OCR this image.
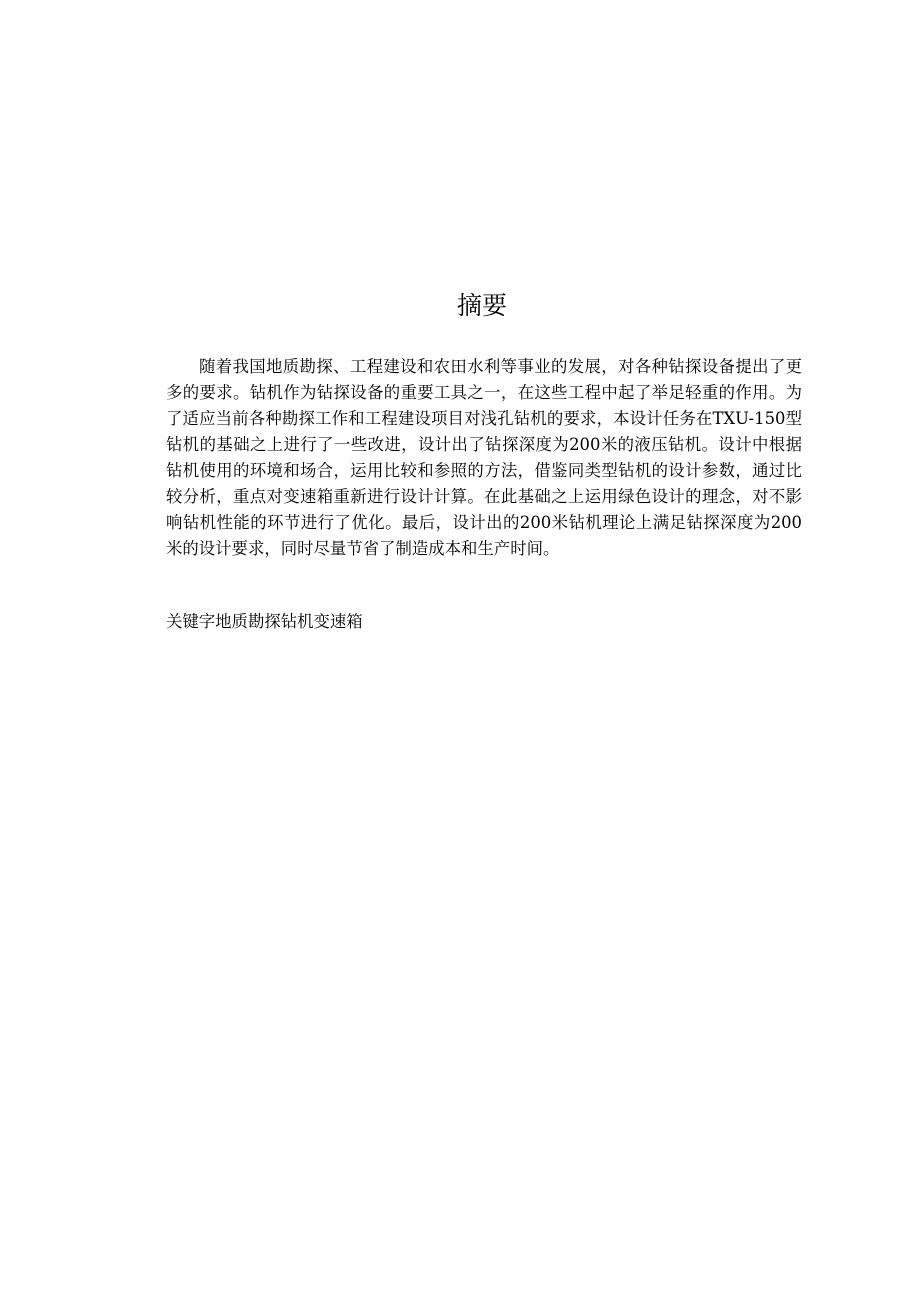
摘要

随着我国地质勘探、工程建设和农田水利等事业的发展，对各种钻探设备提出了更多的要求。钻机作为钻探设备的重要工具之一，在这些工程中起了举足轻重的作用。为了适应当前各种勘探工作和工程建设项目对浅孔钻机的要求，本设计任务在TXU-150型钻机的基础之上进行了一些改进，设计出了钻探深度为200米的液压钻机。设计中根据钻机使用的环境和场合，运用比较和参照的方法，借鉴同类型钻机的设计参数，通过比较分析，重点对变速箱重新进行设计计算。在此基础之上运用绿色设计的理念，对不影响钻机性能的环节进行了优化。最后，设计出的200米钻机理论上满足钻探深度为200米的设计要求，同时尽量节省了制造成本和生产时间。

关键字地质勘探钻机变速箱
